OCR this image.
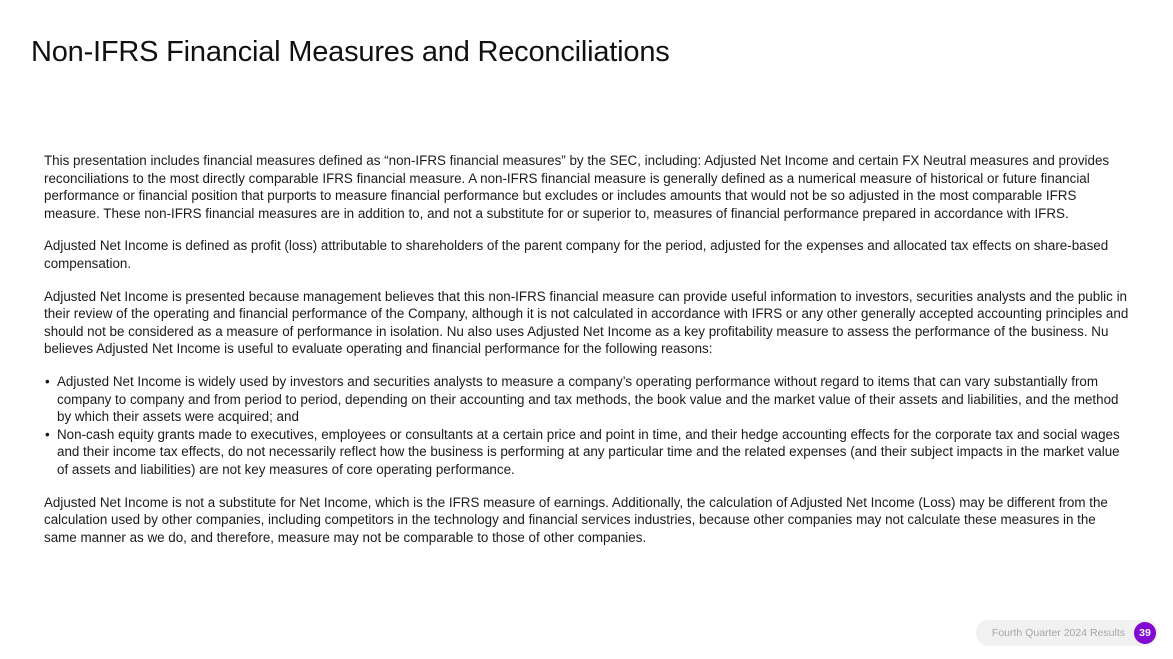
Non-IFRS Financial Measures and Reconciliations

This presentation includes financial measures defined as “non-IFRS financial measures” by the SEC, including: Adjusted Net Income and certain FX Neutral measures and provides reconciliations to the most directly comparable IFRS financial measure. A non-IFRS financial measure is generally defined as a numerical measure of historical or future financial performance or financial position that purports to measure financial performance but excludes or includes amounts that would not be so adjusted in the most comparable IFRS measure. These non-IFRS financial measures are in addition to, and not a substitute for or superior to, measures of financial performance prepared in accordance with IFRS.

Adjusted Net Income is defined as profit (loss) attributable to shareholders of the parent company for the period, adjusted for the expenses and allocated tax effects on share-based compensation.

Adjusted Net Income is presented because management believes that this non-IFRS financial measure can provide useful information to investors, securities analysts and the public in their review of the operating and financial performance of the Company, although it is not calculated in accordance with IFRS or any other generally accepted accounting principles and should not be considered as a measure of performance in isolation. Nu also uses Adjusted Net Income as a key profitability measure to assess the performance of the business. Nu believes Adjusted Net Income is useful to evaluate operating and financial performance for the following reasons:

• Adjusted Net Income is widely used by investors and securities analysts to measure a company’s operating performance without regard to items that can vary substantially from company to company and from period to period, depending on their accounting and tax methods, the book value and the market value of their assets and liabilities, and the method by which their assets were acquired; and
• Non-cash equity grants made to executives, employees or consultants at a certain price and point in time, and their hedge accounting effects for the corporate tax and social wages and their income tax effects, do not necessarily reflect how the business is performing at any particular time and the related expenses (and their subject impacts in the market value of assets and liabilities) are not key measures of core operating performance.

Adjusted Net Income is not a substitute for Net Income, which is the IFRS measure of earnings. Additionally, the calculation of Adjusted Net Income (Loss) may be different from the calculation used by other companies, including competitors in the technology and financial services industries, because other companies may not calculate these measures in the same manner as we do, and therefore, measure may not be comparable to those of other companies.

Fourth Quarter 2024 Results	39
